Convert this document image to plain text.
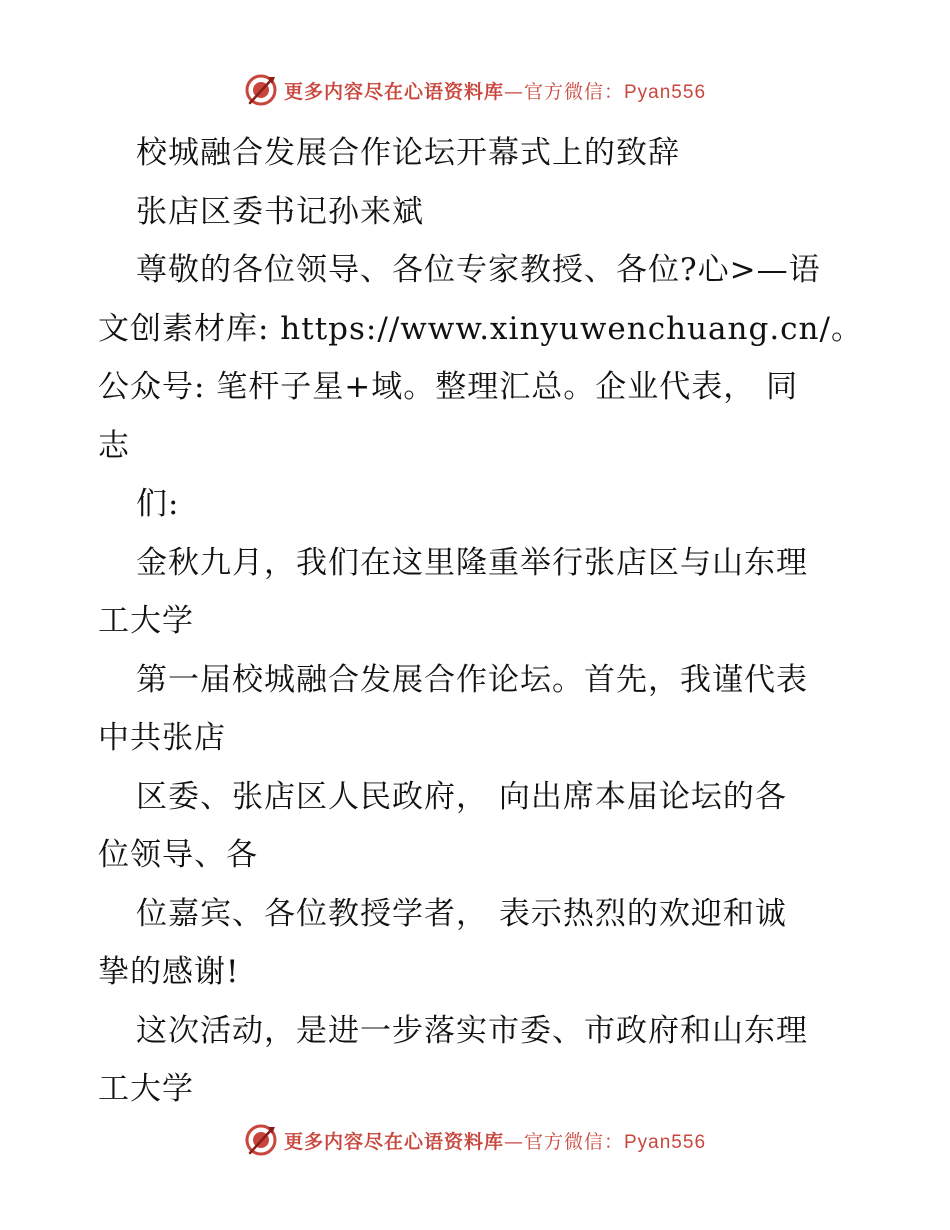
更多内容尽在心语资料库—官方微信：Pyan556
校城融合发展合作论坛开幕式上的致辞
张店区委书记孙来斌
尊敬的各位领导、各位专家教授、各位?心>—语
文创素材库: https://www.xinyuwenchuang.cn/。
公众号: 笔杆子星+域。整理汇总。企业代表， 同
志
们:
金秋九月，我们在这里隆重举行张店区与山东理
工大学
第一届校城融合发展合作论坛。首先，我谨代表
中共张店
区委、张店区人民政府， 向出席本届论坛的各
位领导、各
位嘉宾、各位教授学者， 表示热烈的欢迎和诚
挚的感谢!
这次活动，是进一步落实市委、市政府和山东理
工大学
更多内容尽在心语资料库—官方微信：Pyan556
